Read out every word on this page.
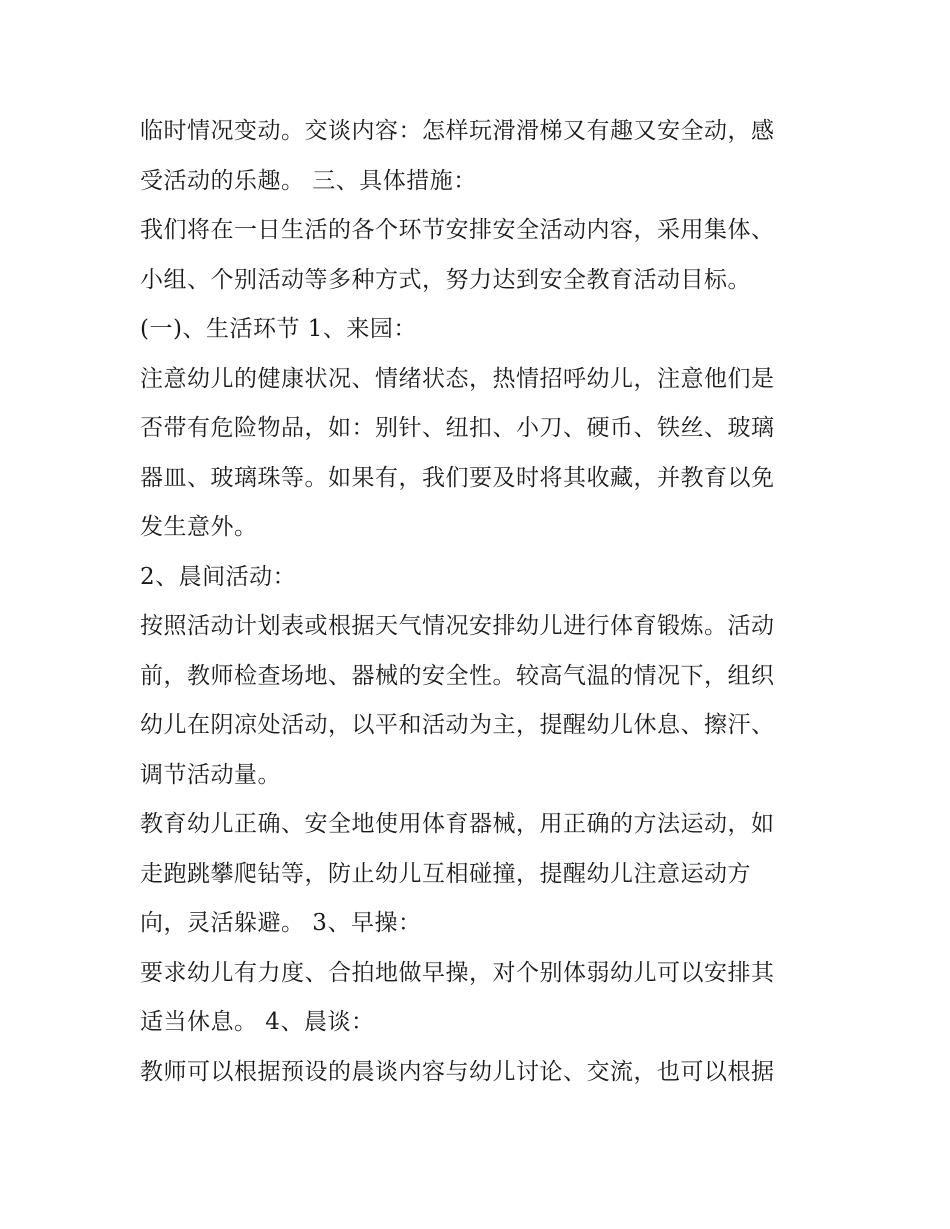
临时情况变动。交谈内容：怎样玩滑滑梯又有趣又安全动，感

受活动的乐趣。 三、具体措施：

我们将在一日生活的各个环节安排安全活动内容，采用集体、

小组、个别活动等多种方式，努力达到安全教育活动目标。

(一)、生活环节 1、来园：

注意幼儿的健康状况、情绪状态，热情招呼幼儿，注意他们是

否带有危险物品，如：别针、纽扣、小刀、硬币、铁丝、玻璃

器皿、玻璃珠等。如果有，我们要及时将其收藏，并教育以免

发生意外。

2、晨间活动：

按照活动计划表或根据天气情况安排幼儿进行体育锻炼。活动

前，教师检查场地、器械的安全性。较高气温的情况下，组织

幼儿在阴凉处活动，以平和活动为主，提醒幼儿休息、擦汗、

调节活动量。

教育幼儿正确、安全地使用体育器械，用正确的方法运动，如

走跑跳攀爬钻等，防止幼儿互相碰撞，提醒幼儿注意运动方

向，灵活躲避。 3、早操：

要求幼儿有力度、合拍地做早操，对个别体弱幼儿可以安排其

适当休息。 4、晨谈：

教师可以根据预设的晨谈内容与幼儿讨论、交流，也可以根据
